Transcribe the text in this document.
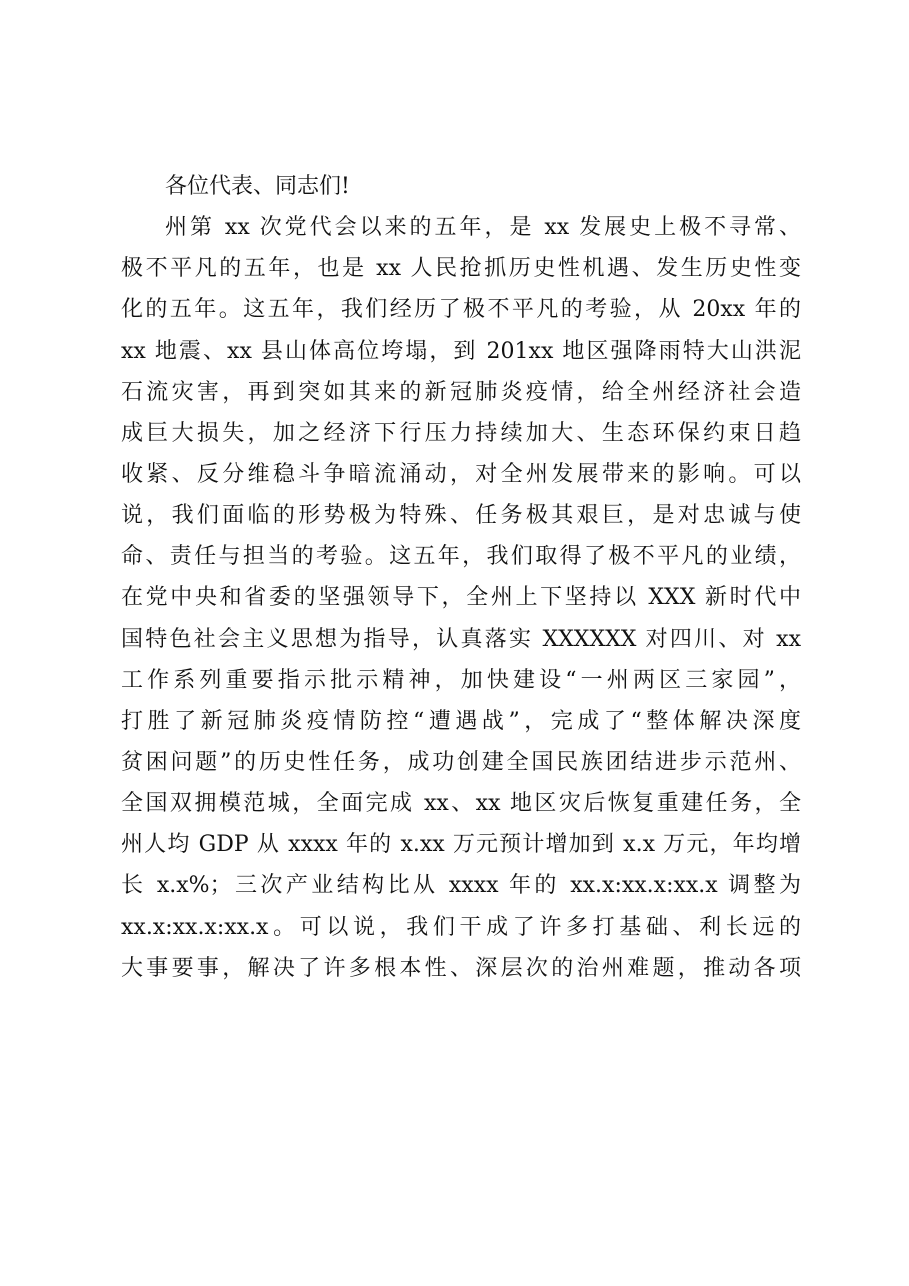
各位代表、同志们!
州第 xx 次党代会以来的五年，是 xx 发展史上极不寻常、
极不平凡的五年，也是 xx 人民抢抓历史性机遇、发生历史性变
化的五年。这五年，我们经历了极不平凡的考验，从 20xx 年的
xx 地震、xx 县山体高位垮塌，到 201xx 地区强降雨特大山洪泥
石流灾害，再到突如其来的新冠肺炎疫情，给全州经济社会造
成巨大损失，加之经济下行压力持续加大、生态环保约束日趋
收紧、反分维稳斗争暗流涌动，对全州发展带来的影响。可以
说，我们面临的形势极为特殊、任务极其艰巨，是对忠诚与使
命、责任与担当的考验。这五年，我们取得了极不平凡的业绩，
在党中央和省委的坚强领导下，全州上下坚持以 XXX 新时代中
国特色社会主义思想为指导，认真落实 XXXXXX 对四川、对 xx
工作系列重要指示批示精神，加快建设“一州两区三家园”，
打胜了新冠肺炎疫情防控“遭遇战”，完成了“整体解决深度
贫困问题”的历史性任务，成功创建全国民族团结进步示范州、
全国双拥模范城，全面完成 xx、xx 地区灾后恢复重建任务，全
州人均 GDP 从 xxxx 年的 x.xx 万元预计增加到 x.x 万元，年均增
长 x.x%；三次产业结构比从 xxxx 年的 xx.x:xx.x:xx.x 调整为
xx.x:xx.x:xx.x。可以说，我们干成了许多打基础、利长远的
大事要事，解决了许多根本性、深层次的治州难题，推动各项
